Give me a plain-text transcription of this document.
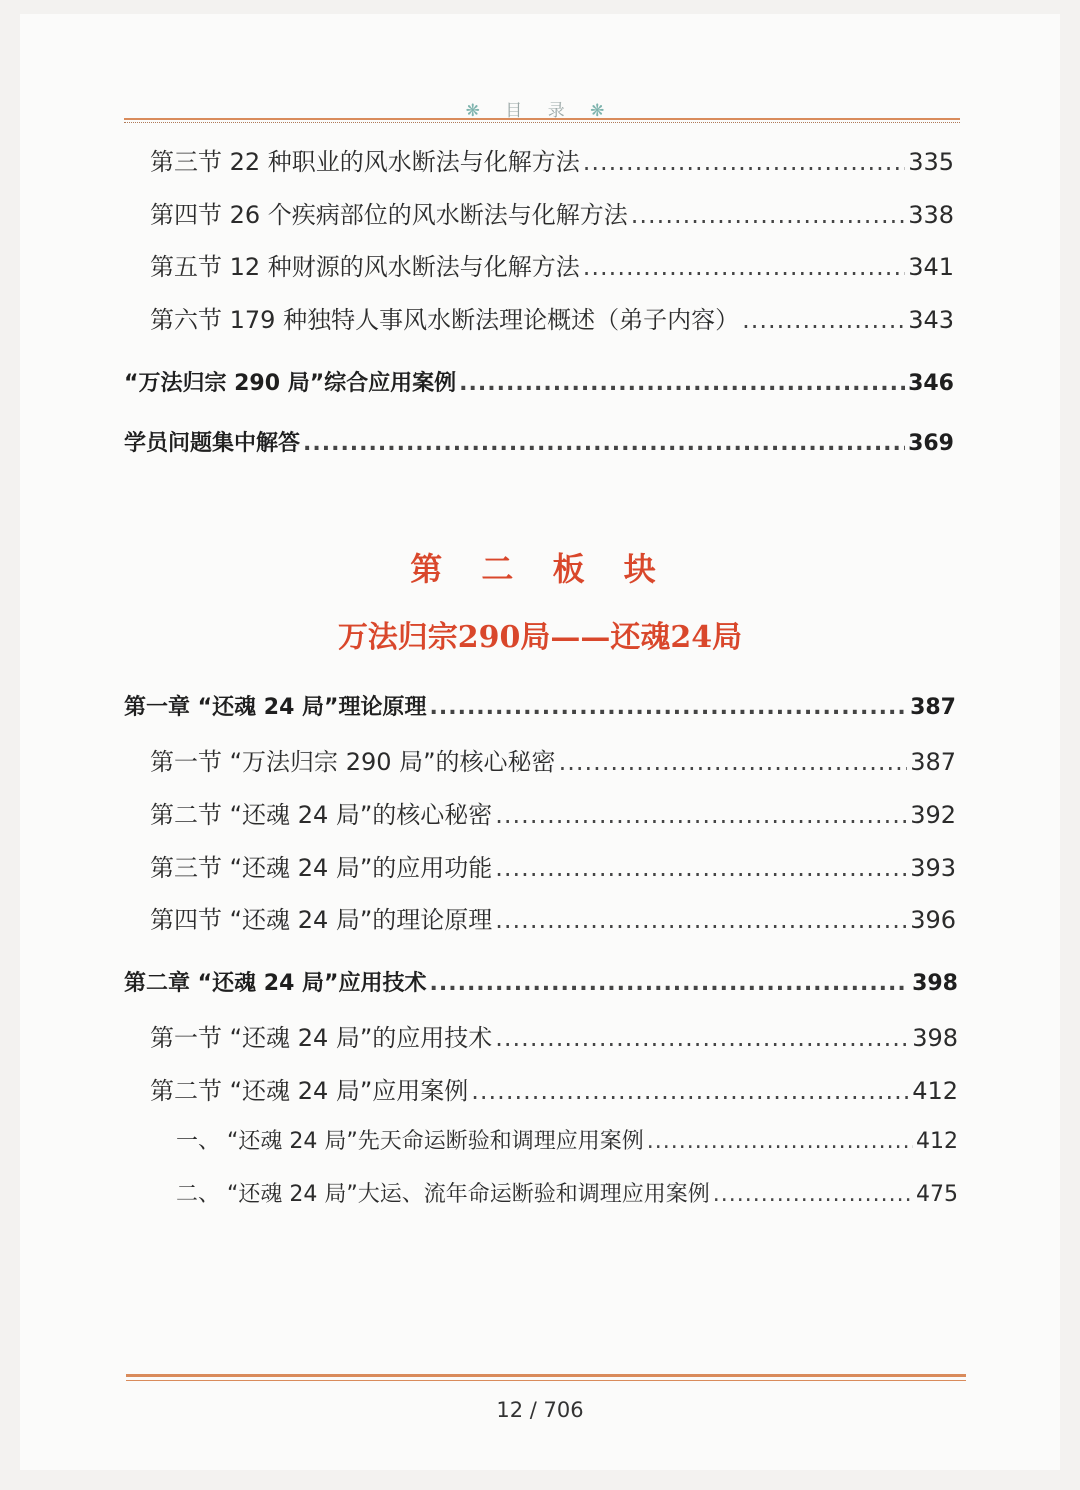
❋ 目 录 ❋
第三节 22 种职业的风水断法与化解方法 .....	335
第四节 26 个疾病部位的风水断法与化解方法 .....	338
第五节 12 种财源的风水断法与化解方法 .....	341
第六节 179 种独特人事风水断法理论概述（弟子内容） .....	343
“万法归宗 290 局”综合应用案例 .....	346
学员问题集中解答 .....	369
第 二 板 块
万法归宗290局——还魂24局
第一章 “还魂 24 局”理论原理 .....	387
第一节 “万法归宗 290 局”的核心秘密 .....	387
第二节 “还魂 24 局”的核心秘密 .....	392
第三节 “还魂 24 局”的应用功能 .....	393
第四节 “还魂 24 局”的理论原理 .....	396
第二章 “还魂 24 局”应用技术 .....	398
第一节 “还魂 24 局”的应用技术 .....	398
第二节 “还魂 24 局”应用案例 .....	412
一、 “还魂 24 局”先天命运断验和调理应用案例 .....	412
二、 “还魂 24 局”大运、流年命运断验和调理应用案例 .....	475
12 / 706
